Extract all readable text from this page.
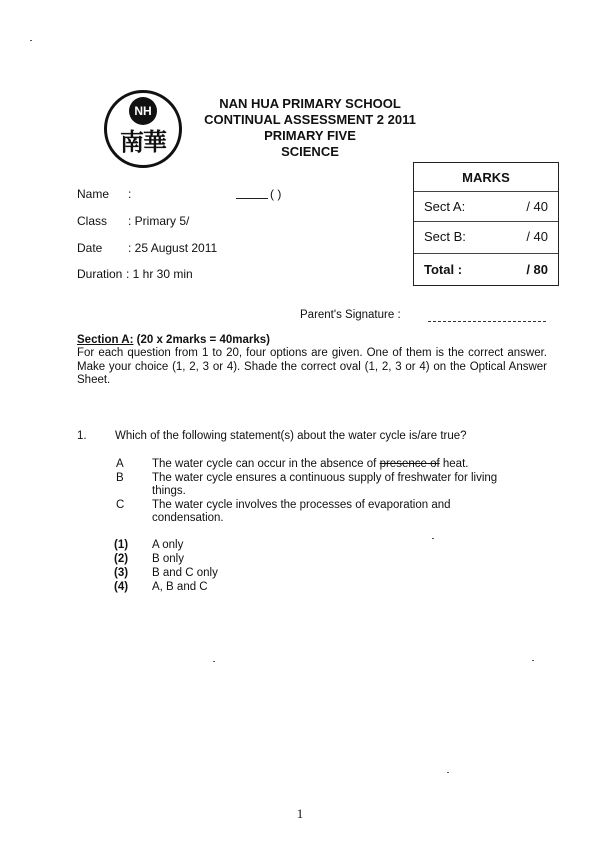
NH
南華
NAN HUA PRIMARY SCHOOL
CONTINUAL ASSESSMENT 2 2011
PRIMARY FIVE
SCIENCE
Name :	( )
Class : Primary 5/
Date : 25 August 2011
Duration : 1 hr 30 min
MARKS
Sect A:	/ 40
Sect B:	/ 40
Total :	/ 80
Parent's Signature :
Section A: (20 x 2marks = 40marks)
For each question from 1 to 20, four options are given. One of them is the correct answer. Make your choice (1, 2, 3 or 4). Shade the correct oval (1, 2, 3 or 4) on the Optical Answer Sheet.
1. Which of the following statement(s) about the water cycle is/are true?
A The water cycle can occur in the absence of presence of heat.
B The water cycle ensures a continuous supply of freshwater for living things.
C The water cycle involves the processes of evaporation and condensation.
(1) A only
(2) B only
(3) B and C only
(4) A, B and C
1
